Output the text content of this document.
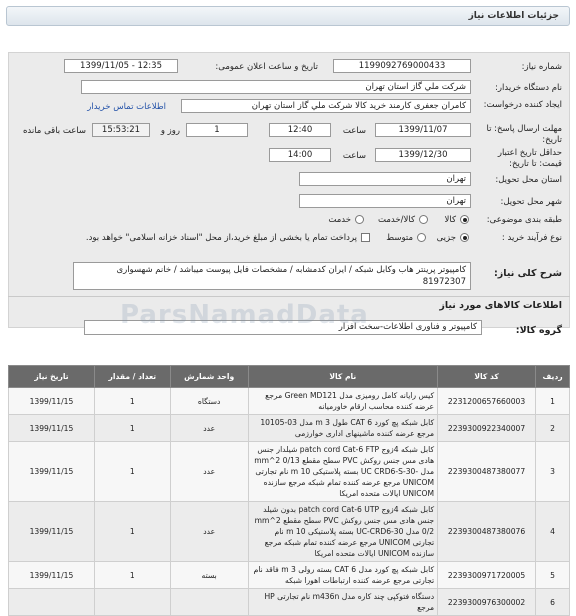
جزئیات اطلاعات نیاز
شماره نیاز:
1199092769000433
تاریخ و ساعت اعلان عمومی:
1399/11/05 - 12:35
نام دستگاه خریدار:
شرکت ملي گاز استان تهران
ایجاد کننده درخواست:
کامران جعفری کارمند خرید کالا شرکت ملي گاز استان تهران
اطلاعات تماس خریدار
مهلت ارسال پاسخ: تا تاریخ:
1399/11/07
ساعت
12:40
1
روز و
15:53:21
ساعت باقی مانده
حداقل تاریخ اعتبار قیمت: تا تاریخ:
1399/12/30
ساعت
14:00
استان محل تحویل:
تهران
شهر محل تحویل:
تهران
طبقه بندی موضوعی:
کالا
کالا/خدمت
خدمت
نوع فرآیند خرید :
جزیی
متوسط
پرداخت تمام یا بخشی از مبلغ خرید،از محل "اسناد خزانه اسلامی" خواهد بود.
شرح کلی نیاز:
کامپیوتر پرینتر هاب وکابل شبکه / ایران کدمشابه / مشخصات فایل پیوست میباشد / خانم شهسواری 81972307
اطلاعات کالاهای مورد نیاز
گروه کالا:
کامپیوتر و فناوری اطلاعات-سخت افزار
ParsNamadData
ردیف	کد کالا	نام کالا	واحد شمارش	تعداد / مقدار	تاریخ نیاز
1	2231200657660003	کیس رایانه کامل رومیزی مدل Green MD121 مرجع عرضه کننده محاسب ارقام خاورمیانه	دستگاه	1	1399/11/15
2	2239300922340007	کابل شبکه پچ کورد CAT 6 طول m 3 مدل 03-10105 مرجع عرضه کننده ماشینهای اداری خوارزمی	عدد	1	1399/11/15
3	2239300487380077	کابل شبکه 4زوج patch cord Cat-6 FTP شیلدار جنس هادی مس جنس روکش PVC سطح مقطع mm^2 0/13 مدل -UC CRD6-S-30 بسته پلاستیکی m 10 نام تجارتی UNICOM مرجع عرضه کننده تمام شبکه مرجع سازنده UNICOM ایالات متحده امریکا	عدد	1	1399/11/15
4	2239300487380076	کابل شبکه 4زوج patch cord Cat-6 UTP بدون شیلد جنس هادی مس جنس روکش PVC سطح مقطع mm^2 0/2 مدل UC-CRD6-30 بسته پلاستیکی m 10 نام تجارتی UNICOM مرجع عرضه کننده تمام شبکه مرجع سازنده UNICOM ایالات متحده امریکا	عدد	1	1399/11/15
5	2239300971720005	کابل شبکه پچ کورد مدل CAT 6 بسته رولی m 3 فاقد نام تجارتی مرجع عرضه کننده ارتباطات اهورا شبکه	بسته	1	1399/11/15
6	2239300976300002	دستگاه فتوکپی چند کاره مدل m436n نام تجارتی HP مرجع			
